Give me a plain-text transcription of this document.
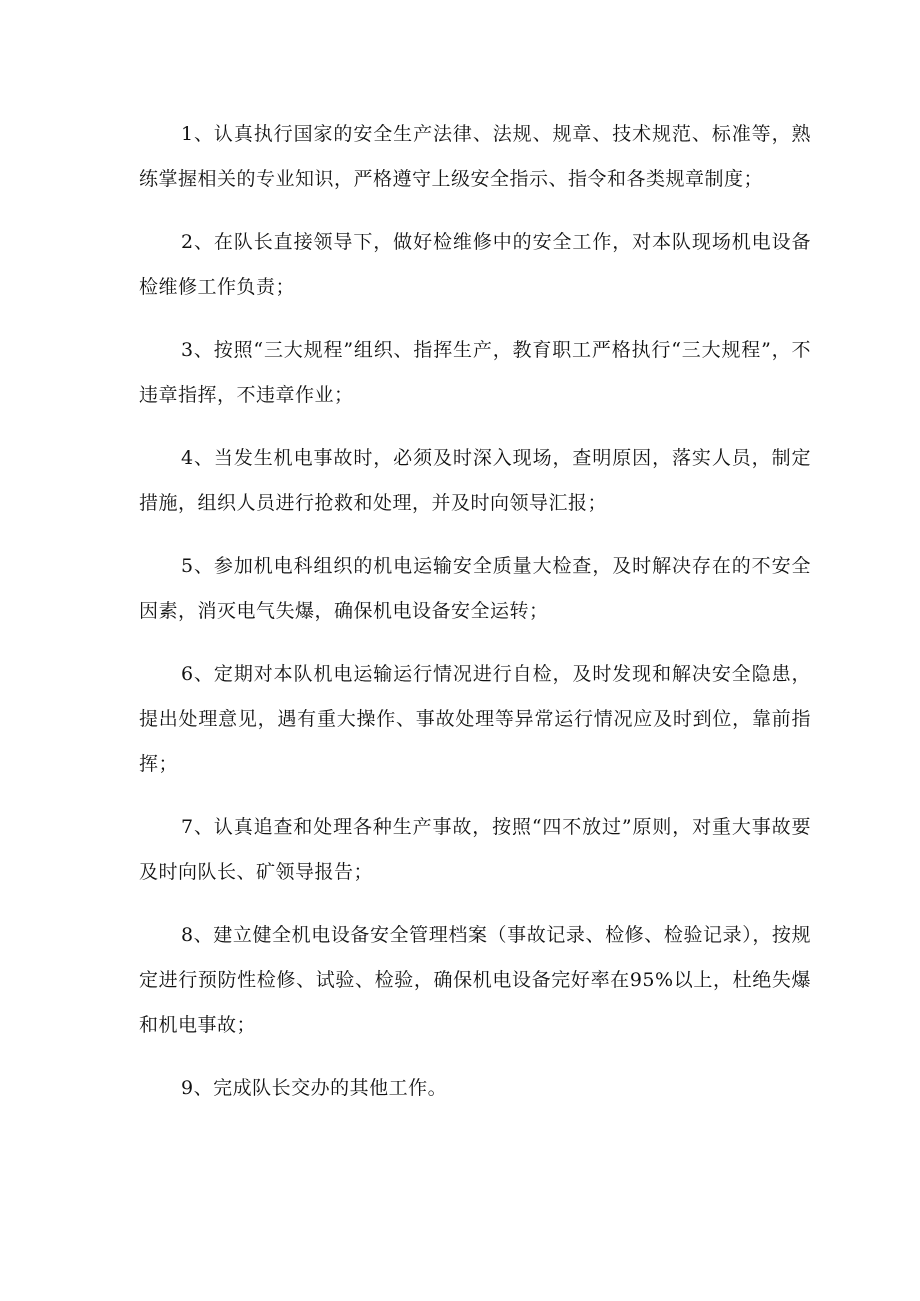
1、认真执行国家的安全生产法律、法规、规章、技术规范、标准等，熟练掌握相关的专业知识，严格遵守上级安全指示、指令和各类规章制度；

2、在队长直接领导下，做好检维修中的安全工作，对本队现场机电设备检维修工作负责；

3、按照“三大规程”组织、指挥生产，教育职工严格执行“三大规程”，不违章指挥，不违章作业；

4、当发生机电事故时，必须及时深入现场，查明原因，落实人员，制定措施，组织人员进行抢救和处理，并及时向领导汇报；

5、参加机电科组织的机电运输安全质量大检查，及时解决存在的不安全因素，消灭电气失爆，确保机电设备安全运转；

6、定期对本队机电运输运行情况进行自检，及时发现和解决安全隐患，提出处理意见，遇有重大操作、事故处理等异常运行情况应及时到位，靠前指挥；

7、认真追查和处理各种生产事故，按照“四不放过”原则，对重大事故要及时向队长、矿领导报告；

8、建立健全机电设备安全管理档案（事故记录、检修、检验记录），按规定进行预防性检修、试验、检验，确保机电设备完好率在95%以上，杜绝失爆和机电事故；

9、完成队长交办的其他工作。
